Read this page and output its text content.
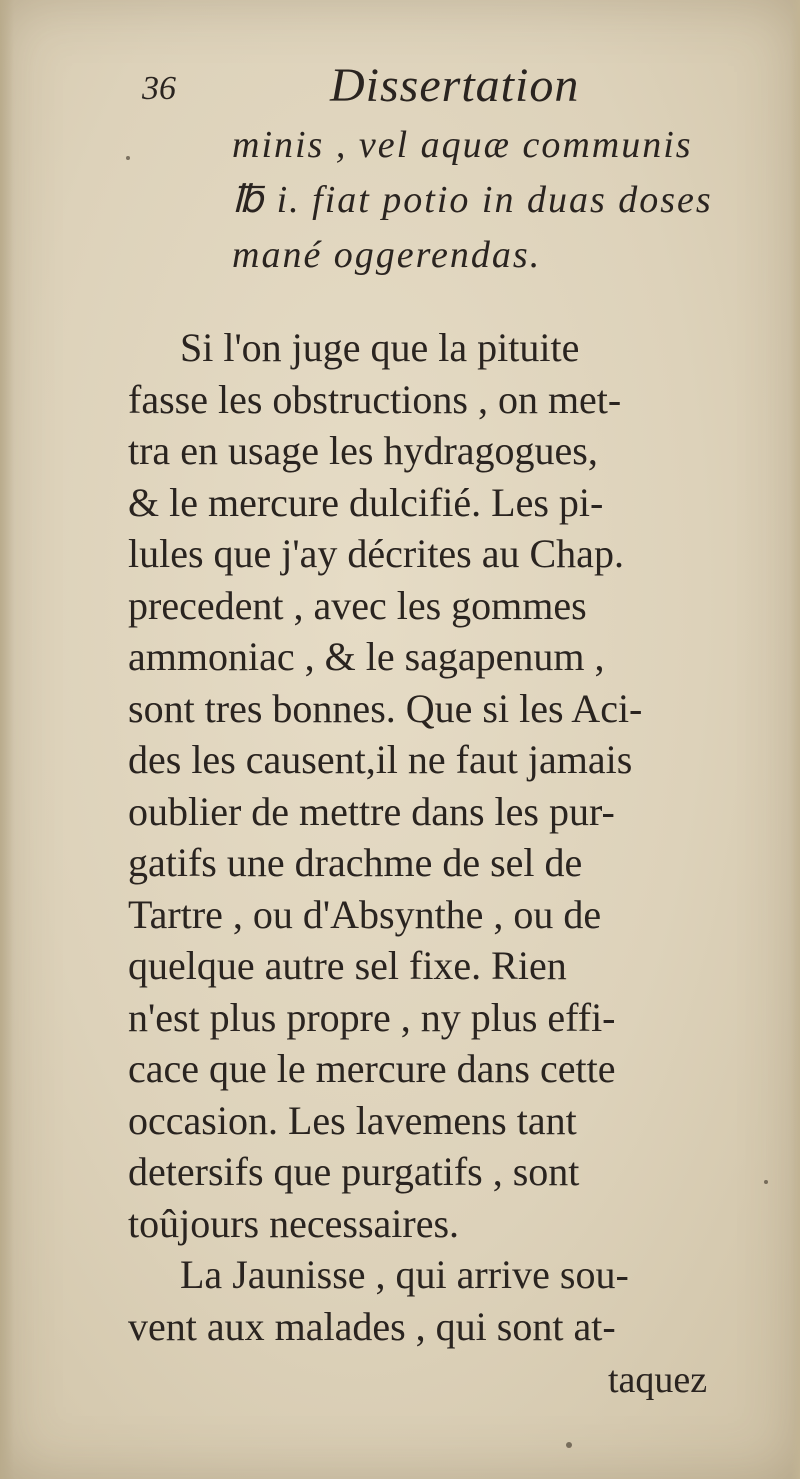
36	Dissertation
minis , vel aquæ communis
℔ i. fiat potio in duas doses
mané oggerendas.
Si l'on juge que la pituite
fasse les obstructions , on met-
tra en usage les hydragogues,
& le mercure dulcifié. Les pi-
lules que j'ay décrites au Chap.
precedent , avec les gommes
ammoniac , & le sagapenum ,
sont tres bonnes. Que si les Aci-
des les causent,il ne faut jamais
oublier de mettre dans les pur-
gatifs une drachme de sel de
Tartre , ou d'Absynthe , ou de
quelque autre sel fixe. Rien
n'est plus propre , ny plus effi-
cace que le mercure dans cette
occasion. Les lavemens tant
detersifs que purgatifs , sont
toûjours necessaires.
La Jaunisse , qui arrive sou-
vent aux malades , qui sont at-
taquez
